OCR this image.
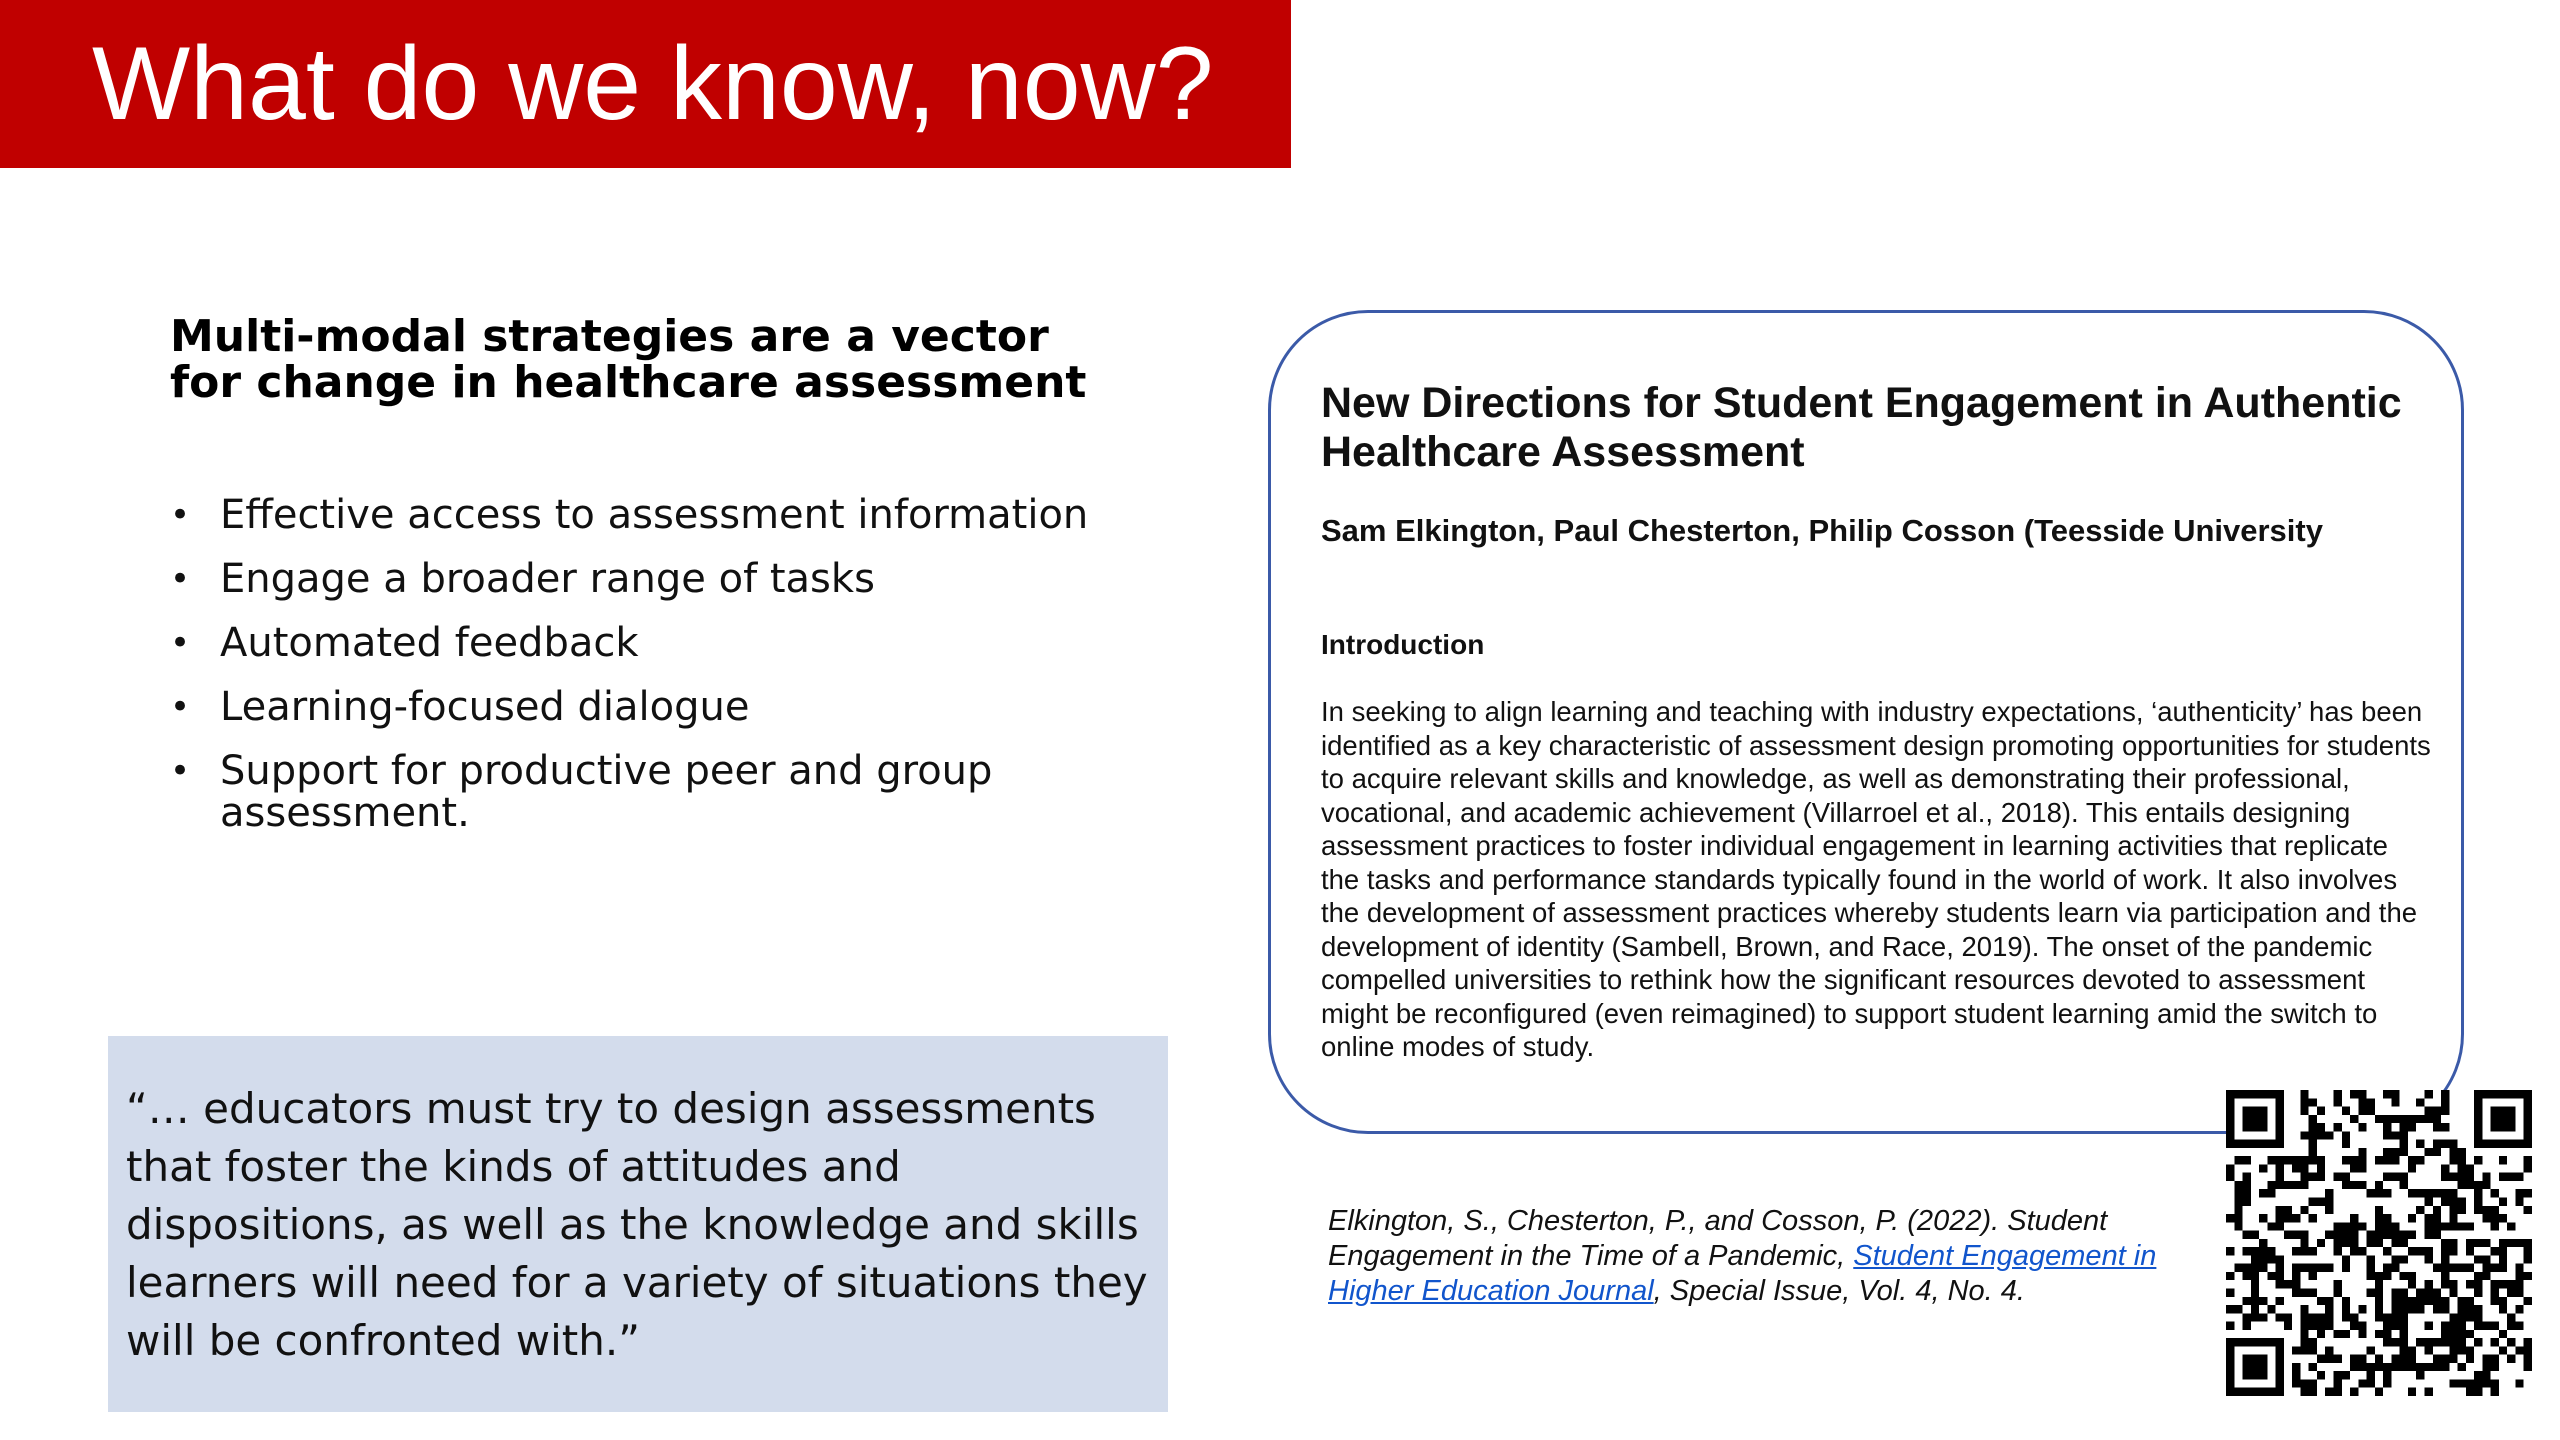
What do we know, now?
Multi-modal strategies are a vector for change in healthcare assessment
• Effective access to assessment information
• Engage a broader range of tasks
• Automated feedback
• Learning-focused dialogue
• Support for productive peer and group assessment.

“… educators must try to design assessments that foster the kinds of attitudes and dispositions, as well as the knowledge and skills learners will need for a variety of situations they will be confronted with.”

New Directions for Student Engagement in Authentic Healthcare Assessment
Sam Elkington, Paul Chesterton, Philip Cosson (Teesside University
Introduction
In seeking to align learning and teaching with industry expectations, ‘authenticity’ has been identified as a key characteristic of assessment design promoting opportunities for students to acquire relevant skills and knowledge, as well as demonstrating their professional, vocational, and academic achievement (Villarroel et al., 2018). This entails designing assessment practices to foster individual engagement in learning activities that replicate the tasks and performance standards typically found in the world of work. It also involves the development of assessment practices whereby students learn via participation and the development of identity (Sambell, Brown, and Race, 2019). The onset of the pandemic compelled universities to rethink how the significant resources devoted to assessment might be reconfigured (even reimagined) to support student learning amid the switch to online modes of study.
Elkington, S., Chesterton, P., and Cosson, P. (2022). Student Engagement in the Time of a Pandemic, Student Engagement in Higher Education Journal, Special Issue, Vol. 4, No. 4.
